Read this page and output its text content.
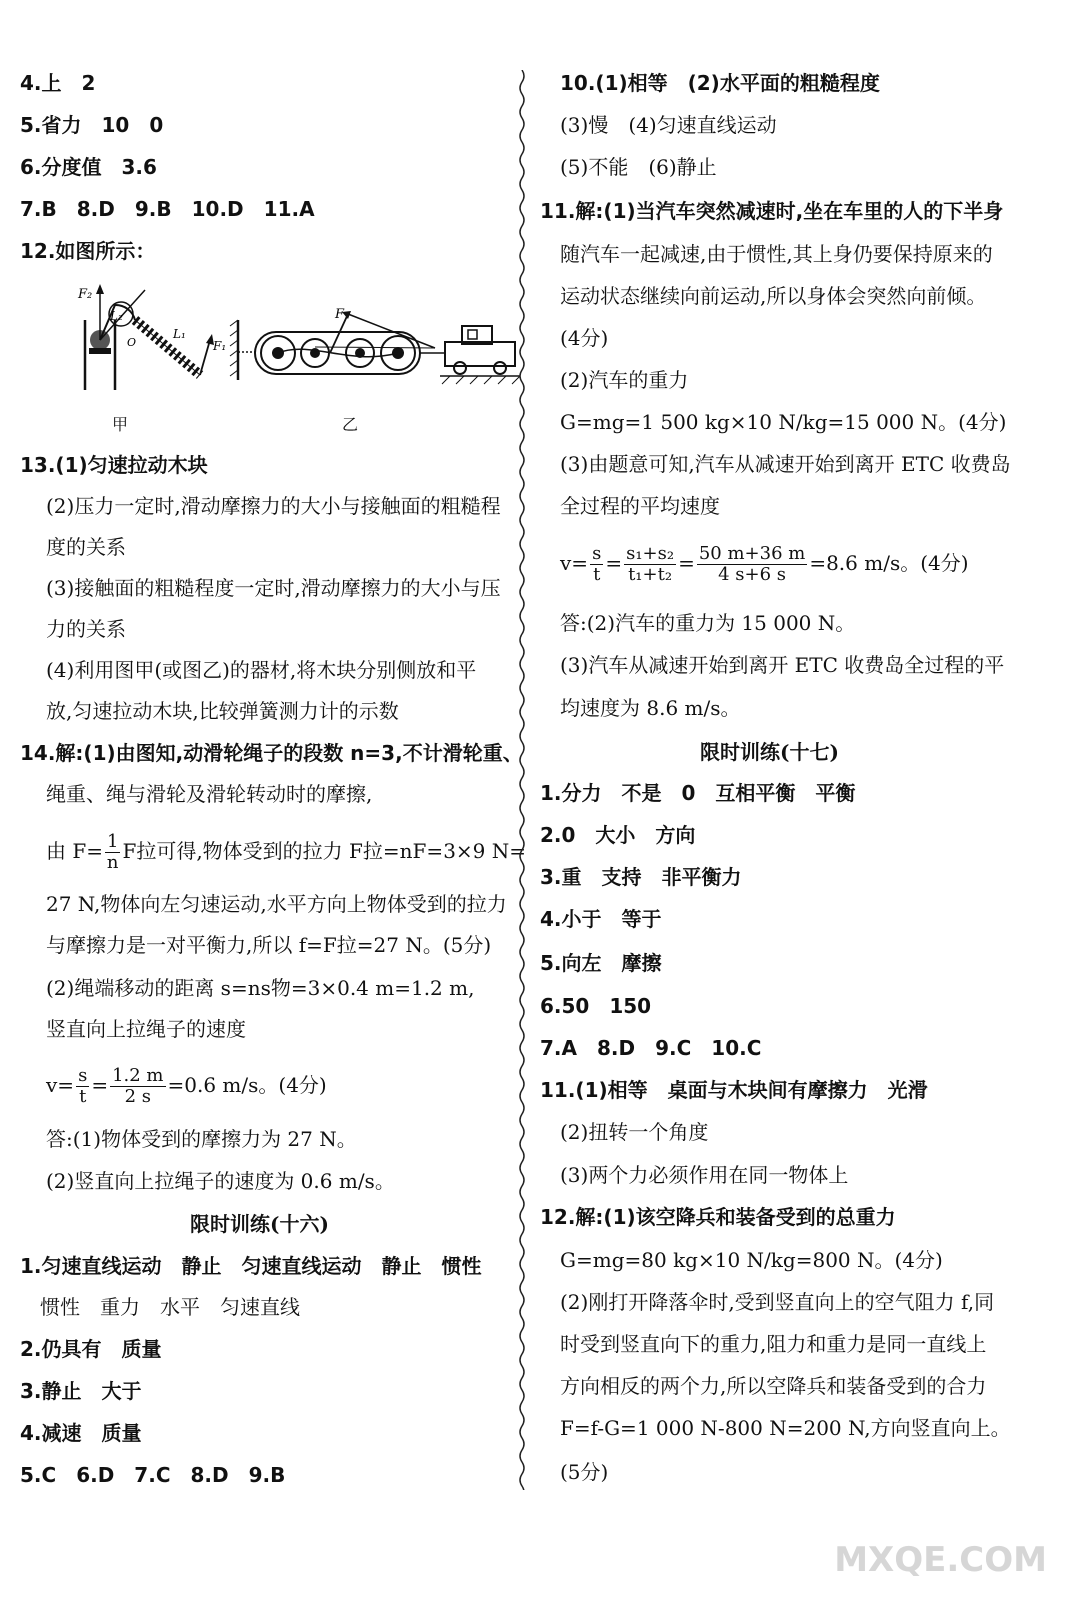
4.上　2
5.省力　10　0
6.分度值　3.6
7.B　8.D　9.B　10.D　11.A
12.如图所示：
F₂
L₂
L₁
F₁
O
甲
F
乙
13.(1)匀速拉动木块
(2)压力一定时,滑动摩擦力的大小与接触面的粗糙程
度的关系
(3)接触面的粗糙程度一定时,滑动摩擦力的大小与压
力的关系
(4)利用图甲(或图乙)的器材,将木块分别侧放和平
放,匀速拉动木块,比较弹簧测力计的示数
14.解:(1)由图知,动滑轮绳子的段数 n=3,不计滑轮重、
绳重、绳与滑轮及滑轮转动时的摩擦,
由 $F= \frac{1}{n}$ F拉可得,物体受到的拉力 F拉=nF=3×9 N=
27 N,物体向左匀速运动,水平方向上物体受到的拉力
与摩擦力是一对平衡力,所以 f=F拉=27 N。(5分)
(2)绳端移动的距离 s=ns物=3×0.4 m=1.2 m,
竖直向上拉绳子的速度
$v= \frac{s}{t} = \frac{1.2 m}{2 s} =0.6$ m/s。(4分)
答:(1)物体受到的摩擦力为 27 N。
(2)竖直向上拉绳子的速度为 0.6 m/s。
限时训练(十六)
1.匀速直线运动　静止　匀速直线运动　静止　惯性
惯性　重力　水平　匀速直线
2.仍具有　质量
3.静止　大于
4.减速　质量
5.C　6.D　7.C　8.D　9.B
10.(1)相等　(2)水平面的粗糙程度
(3)慢　(4)匀速直线运动
(5)不能　(6)静止
11.解:(1)当汽车突然减速时,坐在车里的人的下半身
随汽车一起减速,由于惯性,其上身仍要保持原来的
运动状态继续向前运动,所以身体会突然向前倾。
(4分)
(2)汽车的重力
G=mg=1 500 kg×10 N/kg=15 000 N。(4分)
(3)由题意可知,汽车从减速开始到离开 ETC 收费岛
全过程的平均速度
$v= \frac{s}{t} = \frac{\text{s₁+s₂}}{\text{t₁+t₂}} = \frac{50 m+36 m}{4 s+6 s} =8.6$ m/s。(4分)
答:(2)汽车的重力为 15 000 N。
(3)汽车从减速开始到离开 ETC 收费岛全过程的平
均速度为 8.6 m/s。
限时训练(十七)
1.分力　不是　0　互相平衡　平衡
2.0　大小　方向
3.重　支持　非平衡力
4.小于　等于
5.向左　摩擦
6.50　150
7.A　8.D　9.C　10.C
11.(1)相等　桌面与木块间有摩擦力　光滑
(2)扭转一个角度
(3)两个力必须作用在同一物体上
12.解:(1)该空降兵和装备受到的总重力
G=mg=80 kg×10 N/kg=800 N。(4分)
(2)刚打开降落伞时,受到竖直向上的空气阻力 f,同
时受到竖直向下的重力,阻力和重力是同一直线上
方向相反的两个力,所以空降兵和装备受到的合力
F=f-G=1 000 N-800 N=200 N,方向竖直向上。
(5分)
MXQE.COM
